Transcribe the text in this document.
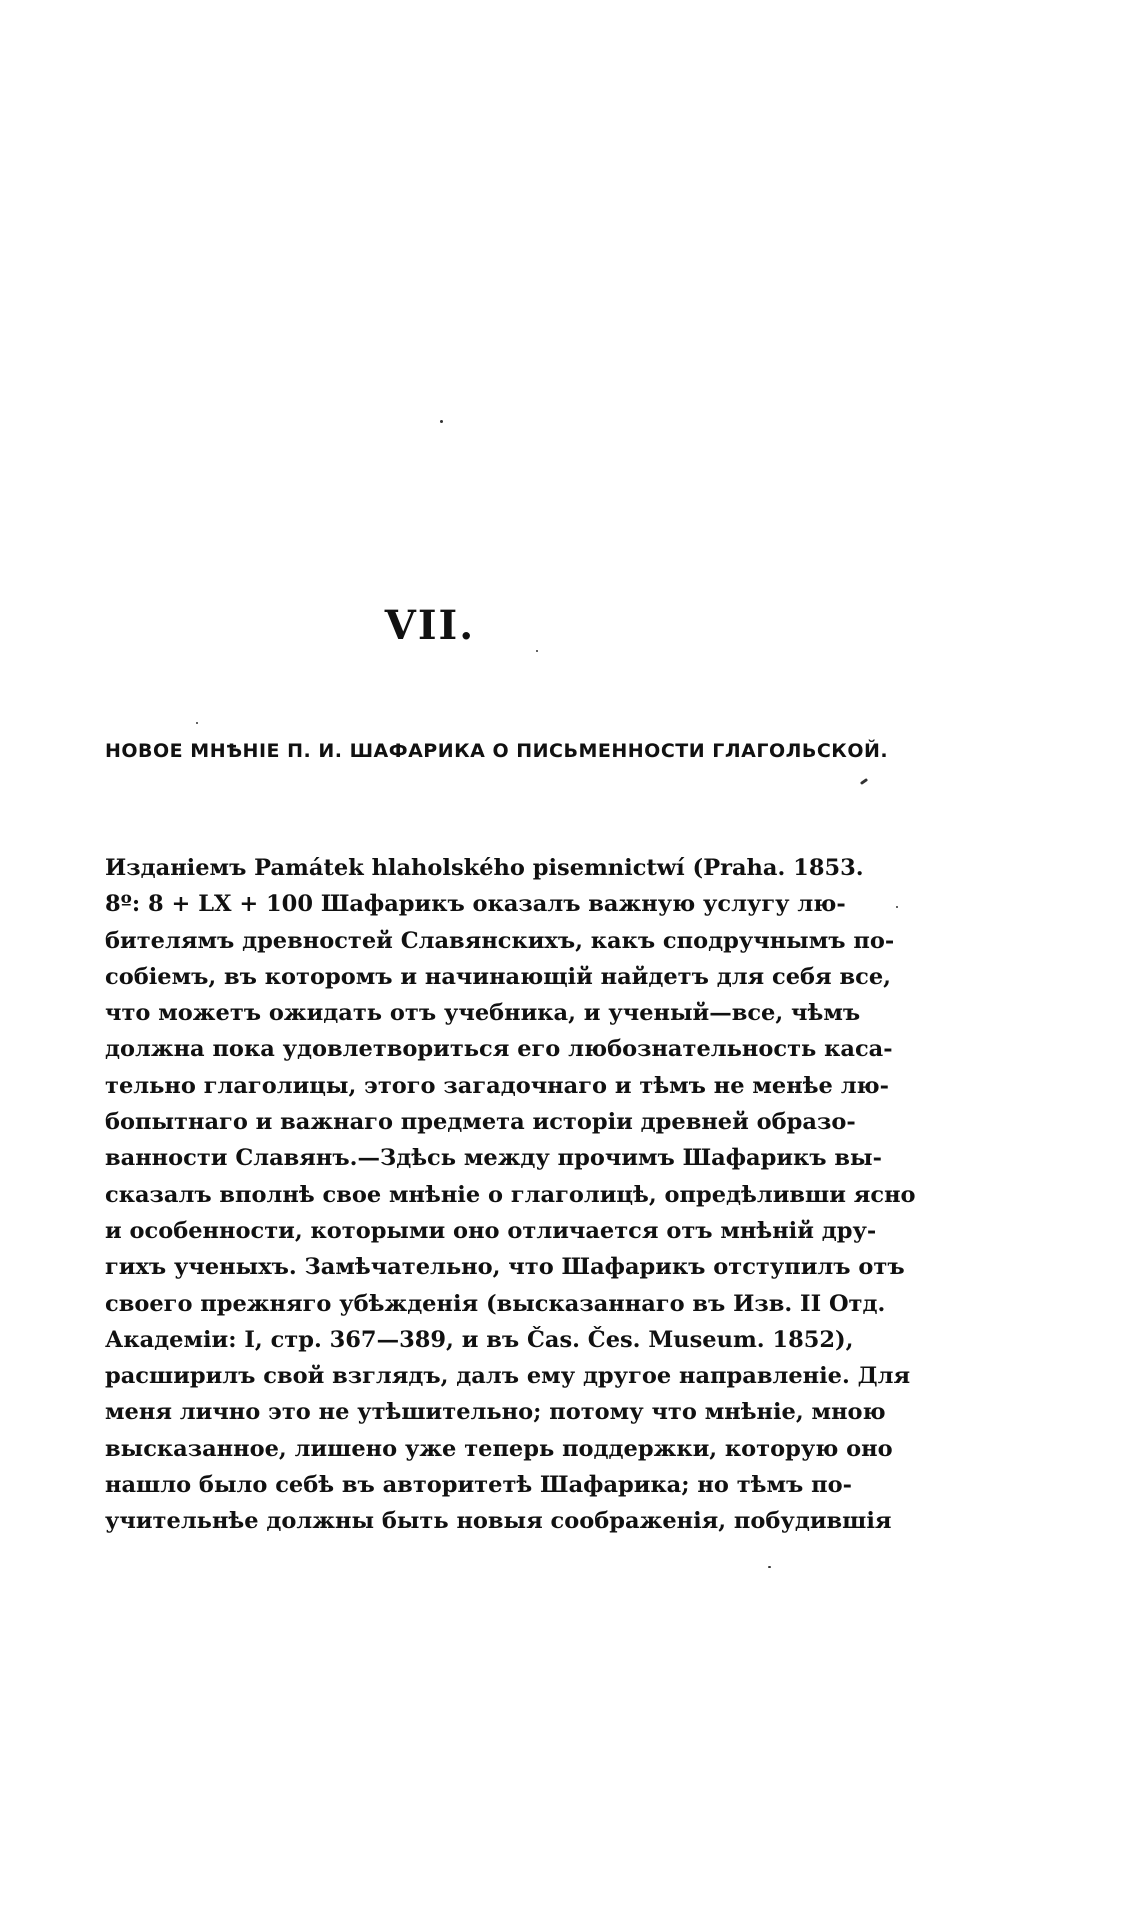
VII.
НОВОЕ МНѢНІЕ П. И. ШАФАРИКА О ПИСЬМЕННОСТИ ГЛАГОЛЬСКОЙ.
Изданіемъ Památek hlaholského pisemnictwí (Praha. 1853.
8º: 8 + LX + 100 Шафарикъ оказалъ важную услугу лю-
бителямъ древностей Славянскихъ, какъ сподручнымъ по-
собіемъ, въ которомъ и начинающій найдетъ для себя все,
что можетъ ожидать отъ учебника, и ученый—все, чѣмъ
должна пока удовлетвориться его любознательность каса-
тельно глаголицы, этого загадочнаго и тѣмъ не менѣе лю-
бопытнаго и важнаго предмета исторіи древней образо-
ванности Славянъ.—Здѣсь между прочимъ Шафарикъ вы-
сказалъ вполнѣ свое мнѣніе о глаголицѣ, опредѣливши ясно
и особенности, которыми оно отличается отъ мнѣній дру-
гихъ ученыхъ. Замѣчательно, что Шафарикъ отступилъ отъ
своего прежняго убѣжденія (высказаннаго въ Изв. II Отд.
Академіи: I, стр. 367—389, и въ Čas. Čes. Museum. 1852),
расширилъ свой взглядъ, далъ ему другое направленіе. Для
меня лично это не утѣшительно; потому что мнѣніе, мною
высказанное, лишено уже теперь поддержки, которую оно
нашло было себѣ въ авторитетѣ Шафарика; но тѣмъ по-
учительнѣе должны быть новыя соображенія, побудившія
